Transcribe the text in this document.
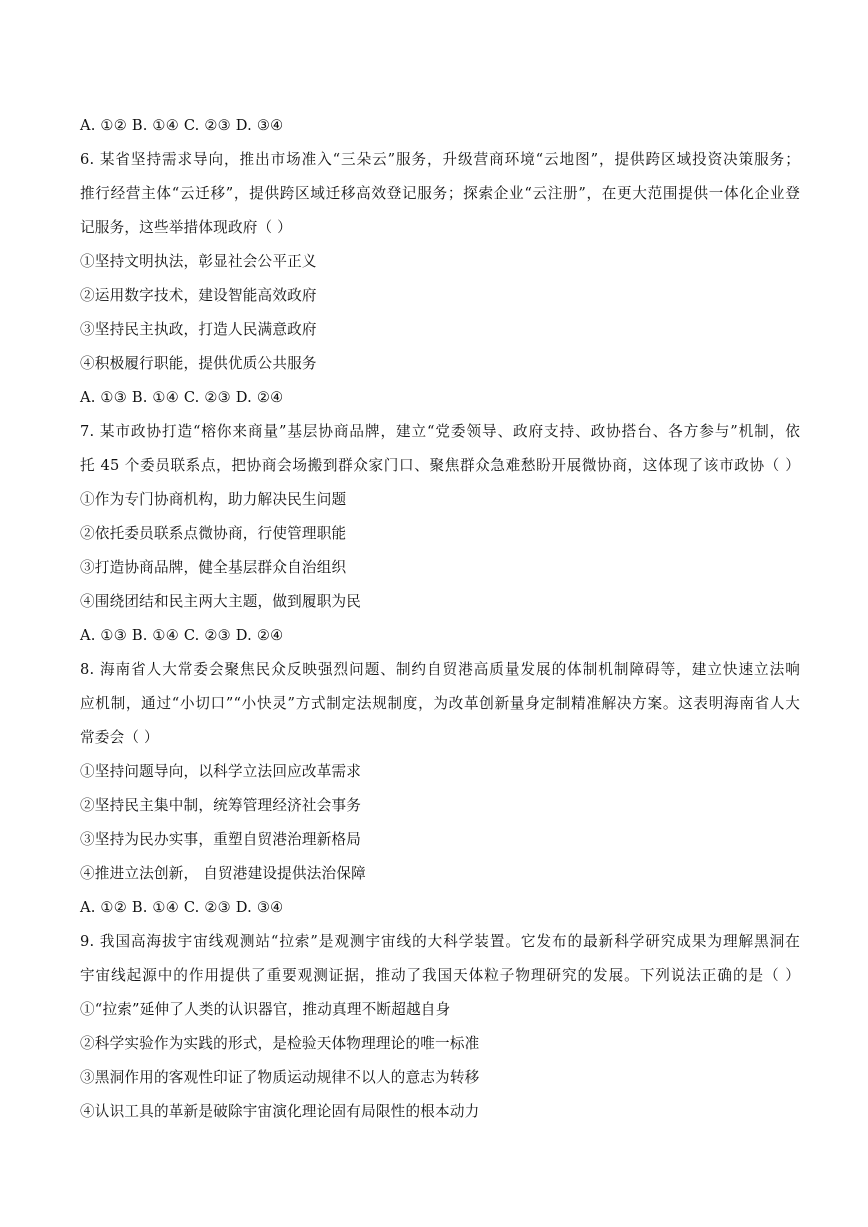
A. ①② B. ①④ C. ②③ D. ③④
6. 某省坚持需求导向，推出市场准入“三朵云”服务，升级营商环境“云地图”，提供跨区域投资决策服务；
推行经营主体“云迁移”，提供跨区域迁移高效登记服务；探索企业“云注册”，在更大范围提供一体化企业登
记服务，这些举措体现政府（ ）
①坚持文明执法，彰显社会公平正义
②运用数字技术，建设智能高效政府
③坚持民主执政，打造人民满意政府
④积极履行职能，提供优质公共服务
A. ①③ B. ①④ C. ②③ D. ②④
7. 某市政协打造“榕你来商量”基层协商品牌，建立“党委领导、政府支持、政协搭台、各方参与”机制，依
托 45 个委员联系点，把协商会场搬到群众家门口、聚焦群众急难愁盼开展微协商，这体现了该市政协（ ）
①作为专门协商机构，助力解决民生问题
②依托委员联系点微协商，行使管理职能
③打造协商品牌，健全基层群众自治组织
④围绕团结和民主两大主题，做到履职为民
A. ①③ B. ①④ C. ②③ D. ②④
8. 海南省人大常委会聚焦民众反映强烈问题、制约自贸港高质量发展的体制机制障碍等，建立快速立法响
应机制，通过“小切口”“小快灵”方式制定法规制度，为改革创新量身定制精准解决方案。这表明海南省人大
常委会（ ）
①坚持问题导向，以科学立法回应改革需求
②坚持民主集中制，统筹管理经济社会事务
③坚持为民办实事，重塑自贸港治理新格局
④推进立法创新， 自贸港建设提供法治保障
A. ①② B. ①④ C. ②③ D. ③④
9. 我国高海拔宇宙线观测站“拉索”是观测宇宙线的大科学装置。它发布的最新科学研究成果为理解黑洞在
宇宙线起源中的作用提供了重要观测证据，推动了我国天体粒子物理研究的发展。下列说法正确的是（ ）
①“拉索”延伸了人类的认识器官，推动真理不断超越自身
②科学实验作为实践的形式，是检验天体物理理论的唯一标准
③黑洞作用的客观性印证了物质运动规律不以人的意志为转移
④认识工具的革新是破除宇宙演化理论固有局限性的根本动力
